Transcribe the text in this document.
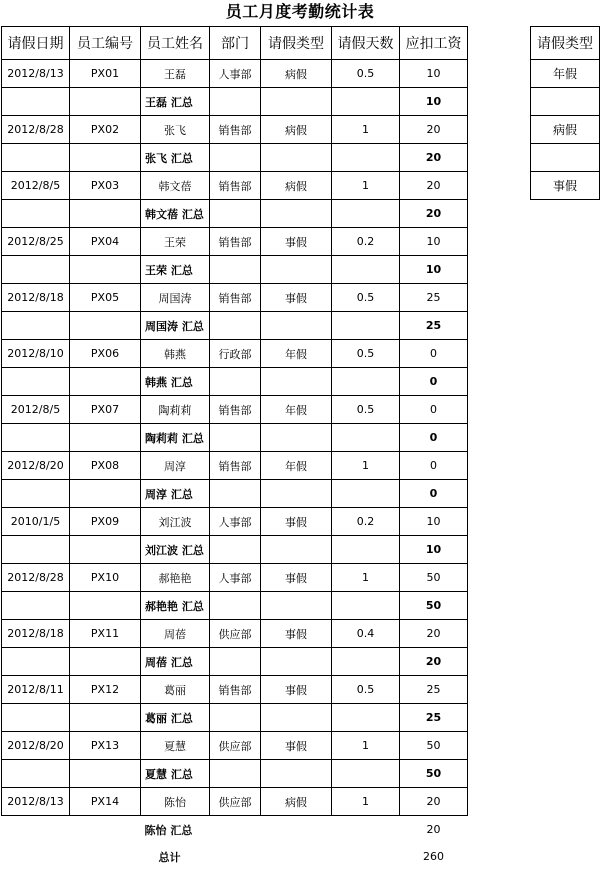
员工月度考勤统计表
请假日期	员工编号	员工姓名	部门	请假类型	请假天数	应扣工资
2012/8/13	PX01	王磊	人事部	病假	0.5	10
		王磊 汇总				10
2012/8/28	PX02	张飞	销售部	病假	1	20
		张飞 汇总				20
2012/8/5	PX03	韩文蓓	销售部	病假	1	20
		韩文蓓 汇总				20
2012/8/25	PX04	王荣	销售部	事假	0.2	10
		王荣 汇总				10
2012/8/18	PX05	周国涛	销售部	事假	0.5	25
		周国涛 汇总				25
2012/8/10	PX06	韩燕	行政部	年假	0.5	0
		韩燕 汇总				0
2012/8/5	PX07	陶莉莉	销售部	年假	0.5	0
		陶莉莉 汇总				0
2012/8/20	PX08	周淳	销售部	年假	1	0
		周淳 汇总				0
2010/1/5	PX09	刘江波	人事部	事假	0.2	10
		刘江波 汇总				10
2012/8/28	PX10	郝艳艳	人事部	事假	1	50
		郝艳艳 汇总				50
2012/8/18	PX11	周蓓	供应部	事假	0.4	20
		周蓓 汇总				20
2012/8/11	PX12	葛丽	销售部	事假	0.5	25
		葛丽 汇总				25
2012/8/20	PX13	夏慧	供应部	事假	1	50
		夏慧 汇总				50
2012/8/13	PX14	陈怡	供应部	病假	1	20
		陈怡 汇总				20
		总计				260
请假类型
年假

病假

事假
